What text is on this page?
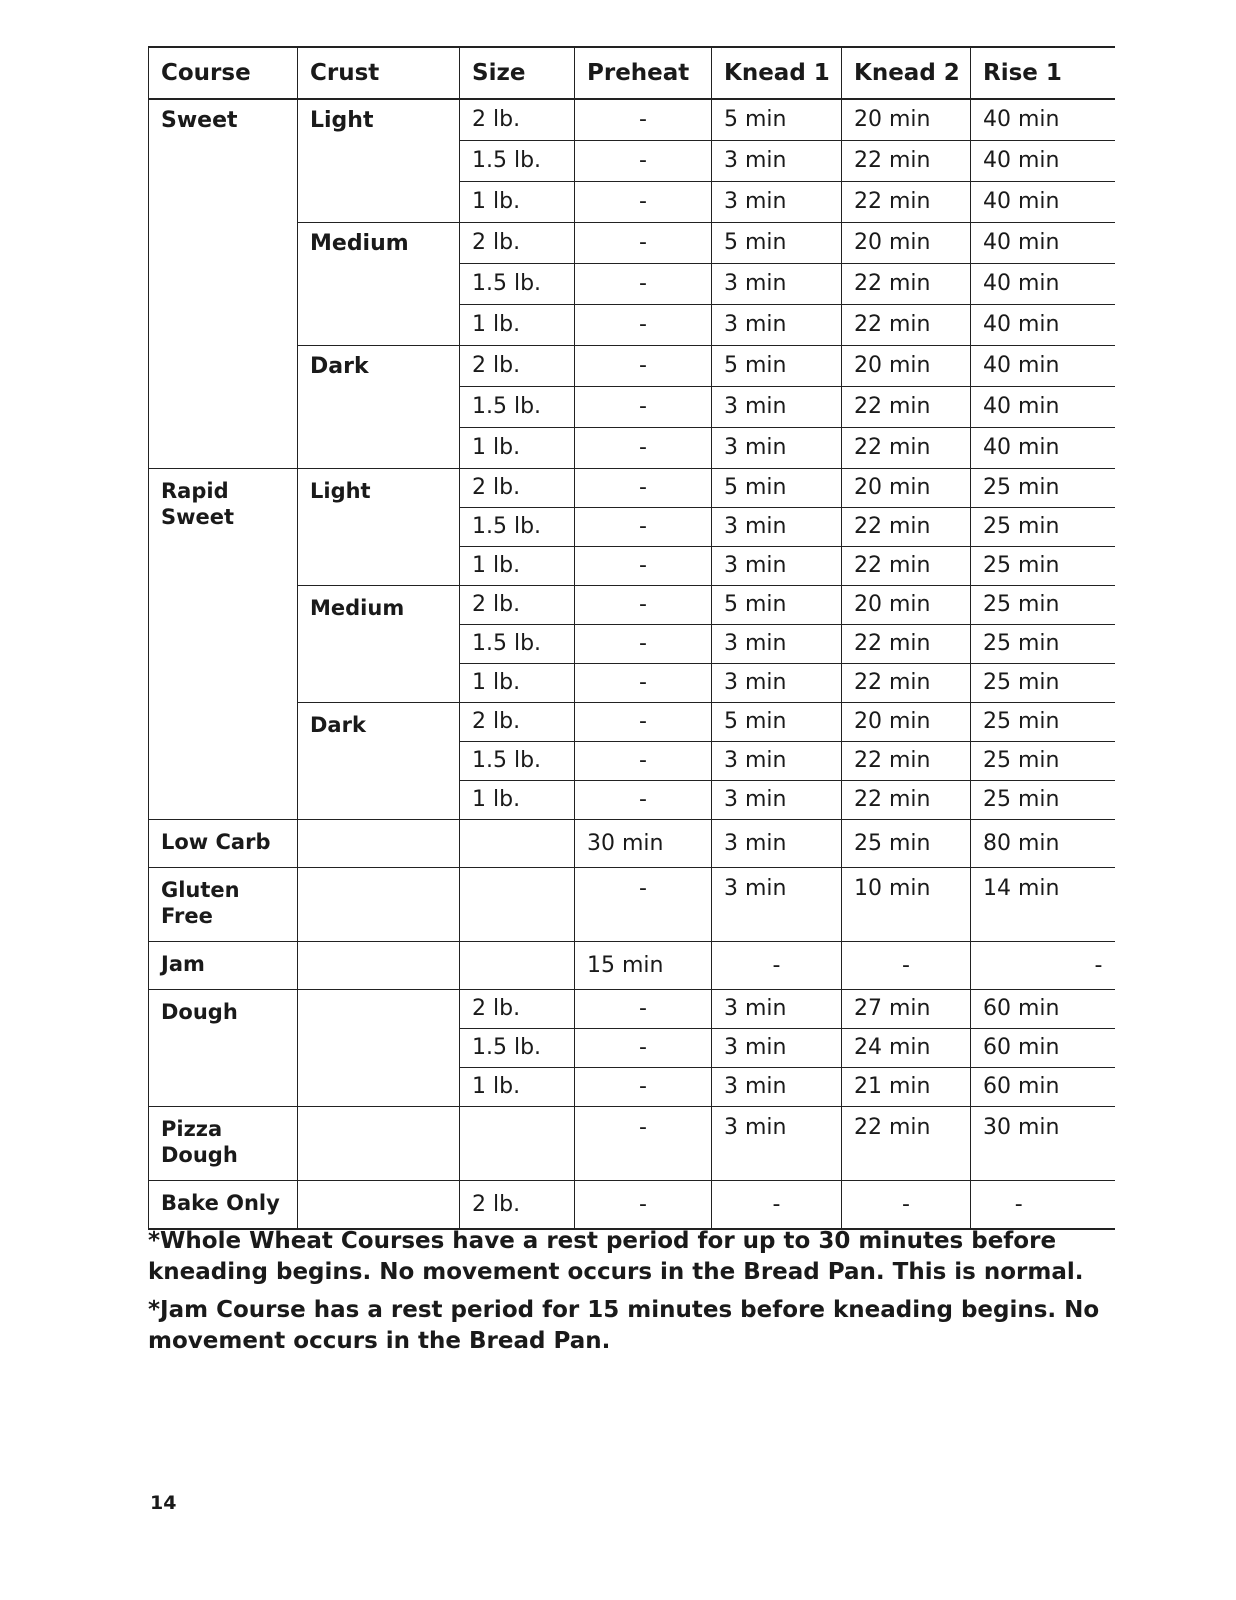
Course	Crust	Size	Preheat	Knead 1	Knead 2	Rise 1
Sweet	Light	2 lb.	-	5 min	20 min	40 min
		1.5 lb.	-	3 min	22 min	40 min
		1 lb.	-	3 min	22 min	40 min
	Medium	2 lb.	-	5 min	20 min	40 min
		1.5 lb.	-	3 min	22 min	40 min
		1 lb.	-	3 min	22 min	40 min
	Dark	2 lb.	-	5 min	20 min	40 min
		1.5 lb.	-	3 min	22 min	40 min
		1 lb.	-	3 min	22 min	40 min
Rapid Sweet	Light	2 lb.	-	5 min	20 min	25 min
		1.5 lb.	-	3 min	22 min	25 min
		1 lb.	-	3 min	22 min	25 min
	Medium	2 lb.	-	5 min	20 min	25 min
		1.5 lb.	-	3 min	22 min	25 min
		1 lb.	-	3 min	22 min	25 min
	Dark	2 lb.	-	5 min	20 min	25 min
		1.5 lb.	-	3 min	22 min	25 min
		1 lb.	-	3 min	22 min	25 min
Low Carb			30 min	3 min	25 min	80 min
Gluten Free			-	3 min	10 min	14 min
Jam			15 min	-	-	-
Dough		2 lb.	-	3 min	27 min	60 min
		1.5 lb.	-	3 min	24 min	60 min
		1 lb.	-	3 min	21 min	60 min
Pizza Dough			-	3 min	22 min	30 min
Bake Only		2 lb.	-	-	-	-

*Whole Wheat Courses have a rest period for up to 30 minutes before kneading begins. No movement occurs in the Bread Pan. This is normal.

*Jam Course has a rest period for 15 minutes before kneading begins. No movement occurs in the Bread Pan.

14
